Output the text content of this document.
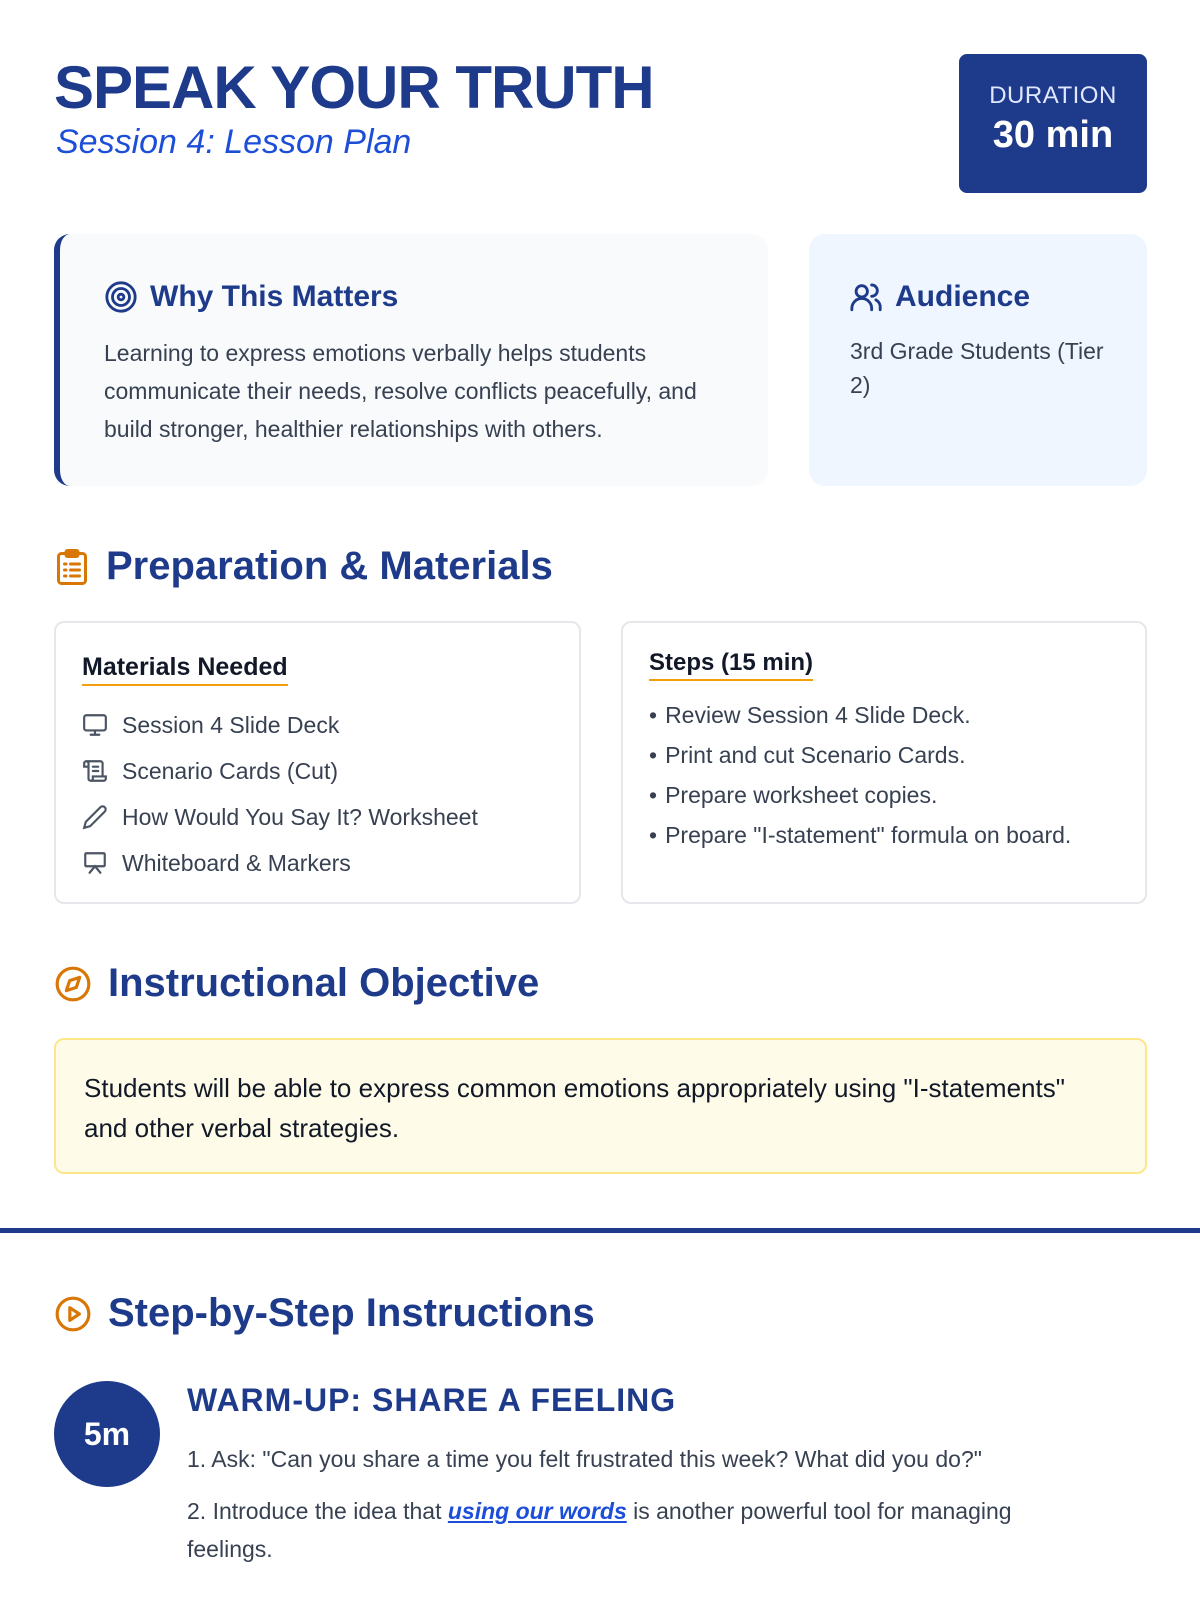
SPEAK YOUR TRUTH
Session 4: Lesson Plan
DURATION
30 min
Why This Matters
Learning to express emotions verbally helps students communicate their needs, resolve conflicts peacefully, and build stronger, healthier relationships with others.
Audience
3rd Grade Students (Tier 2)
Preparation & Materials
Materials Needed
Session 4 Slide Deck
Scenario Cards (Cut)
How Would You Say It? Worksheet
Whiteboard & Markers
Steps (15 min)
• Review Session 4 Slide Deck.
• Print and cut Scenario Cards.
• Prepare worksheet copies.
• Prepare "I-statement" formula on board.
Instructional Objective
Students will be able to express common emotions appropriately using "I-statements" and other verbal strategies.
Step-by-Step Instructions
5m
WARM-UP: SHARE A FEELING
1. Ask: "Can you share a time you felt frustrated this week? What did you do?"
2. Introduce the idea that using our words is another powerful tool for managing feelings.
